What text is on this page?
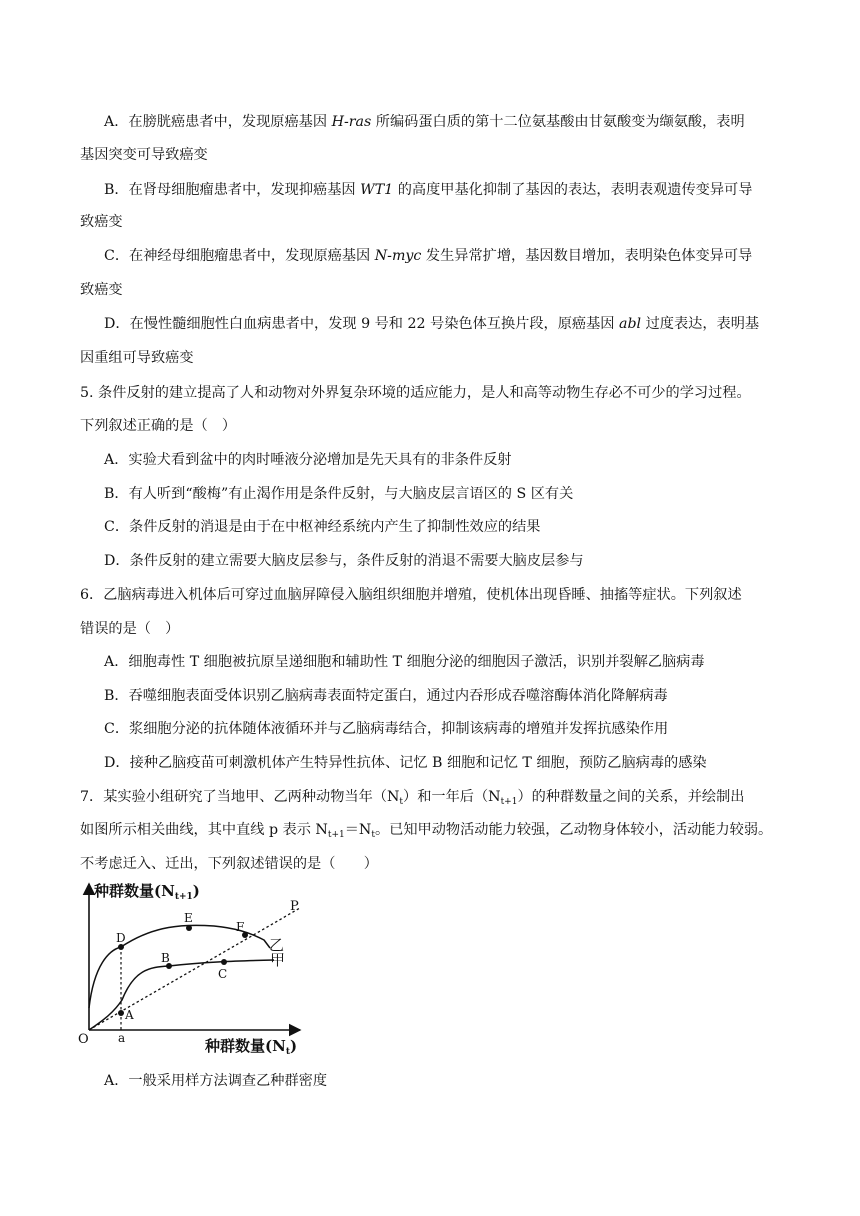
A．在膀胱癌患者中，发现原癌基因 H-ras 所编码蛋白质的第十二位氨基酸由甘氨酸变为缬氨酸，表明
基因突变可导致癌变
B．在肾母细胞瘤患者中，发现抑癌基因 WT1 的高度甲基化抑制了基因的表达，表明表观遗传变异可导
致癌变
C．在神经母细胞瘤患者中，发现原癌基因 N-myc 发生异常扩增，基因数目增加，表明染色体变异可导
致癌变
D．在慢性髓细胞性白血病患者中，发现 9 号和 22 号染色体互换片段，原癌基因 abl 过度表达，表明基
因重组可导致癌变
5. 条件反射的建立提高了人和动物对外界复杂环境的适应能力，是人和高等动物生存必不可少的学习过程。
下列叙述正确的是（　）
A．实验犬看到盆中的肉时唾液分泌增加是先天具有的非条件反射
B．有人听到“酸梅”有止渴作用是条件反射，与大脑皮层言语区的 S 区有关
C．条件反射的消退是由于在中枢神经系统内产生了抑制性效应的结果
D．条件反射的建立需要大脑皮层参与，条件反射的消退不需要大脑皮层参与
6．乙脑病毒进入机体后可穿过血脑屏障侵入脑组织细胞并增殖，使机体出现昏睡、抽搐等症状。下列叙述
错误的是（　）
A．细胞毒性 T 细胞被抗原呈递细胞和辅助性 T 细胞分泌的细胞因子激活，识别并裂解乙脑病毒
B．吞噬细胞表面受体识别乙脑病毒表面特定蛋白，通过内吞形成吞噬溶酶体消化降解病毒
C．浆细胞分泌的抗体随体液循环并与乙脑病毒结合，抑制该病毒的增殖并发挥抗感染作用
D．接种乙脑疫苗可刺激机体产生特异性抗体、记忆 B 细胞和记忆 T 细胞，预防乙脑病毒的感染
7．某实验小组研究了当地甲、乙两种动物当年$(N_t)$和一年后$(N_{t+1})$的种群数量之间的关系，并绘制出
如图所示相关曲线，其中直线 p 表示 $N_{t+1}=N_t$。已知甲动物活动能力较强，乙动物身体较小，活动能力较弱。
不考虑迁入、迁出，下列叙述错误的是（　　）
种群数量$(N_{t+1})$
种群数量$(N_t)$
O a
P
乙
甲
D
E
F
B
C
A
A．一般采用样方法调查乙种群密度
